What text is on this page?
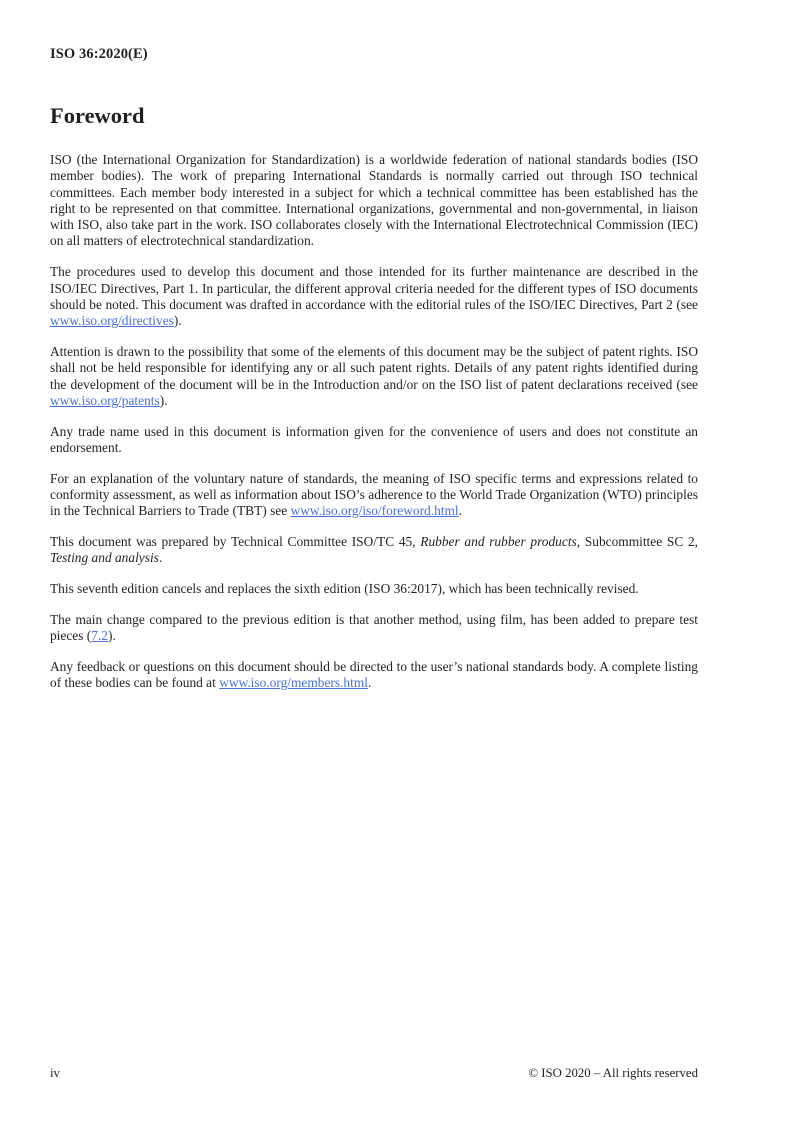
ISO 36:2020(E)
Foreword

ISO (the International Organization for Standardization) is a worldwide federation of national standards bodies (ISO member bodies). The work of preparing International Standards is normally carried out through ISO technical committees. Each member body interested in a subject for which a technical committee has been established has the right to be represented on that committee. International organizations, governmental and non-governmental, in liaison with ISO, also take part in the work. ISO collaborates closely with the International Electrotechnical Commission (IEC) on all matters of electrotechnical standardization.

The procedures used to develop this document and those intended for its further maintenance are described in the ISO/IEC Directives, Part 1. In particular, the different approval criteria needed for the different types of ISO documents should be noted. This document was drafted in accordance with the editorial rules of the ISO/IEC Directives, Part 2 (see www.iso.org/directives).

Attention is drawn to the possibility that some of the elements of this document may be the subject of patent rights. ISO shall not be held responsible for identifying any or all such patent rights. Details of any patent rights identified during the development of the document will be in the Introduction and/or on the ISO list of patent declarations received (see www.iso.org/patents).

Any trade name used in this document is information given for the convenience of users and does not constitute an endorsement.

For an explanation of the voluntary nature of standards, the meaning of ISO specific terms and expressions related to conformity assessment, as well as information about ISO’s adherence to the World Trade Organization (WTO) principles in the Technical Barriers to Trade (TBT) see www.iso.org/iso/foreword.html.

This document was prepared by Technical Committee ISO/TC 45, Rubber and rubber products, Subcommittee SC 2, Testing and analysis.

This seventh edition cancels and replaces the sixth edition (ISO 36:2017), which has been technically revised.

The main change compared to the previous edition is that another method, using film, has been added to prepare test pieces (7.2).

Any feedback or questions on this document should be directed to the user’s national standards body. A complete listing of these bodies can be found at www.iso.org/members.html.

iv	© ISO 2020 – All rights reserved
